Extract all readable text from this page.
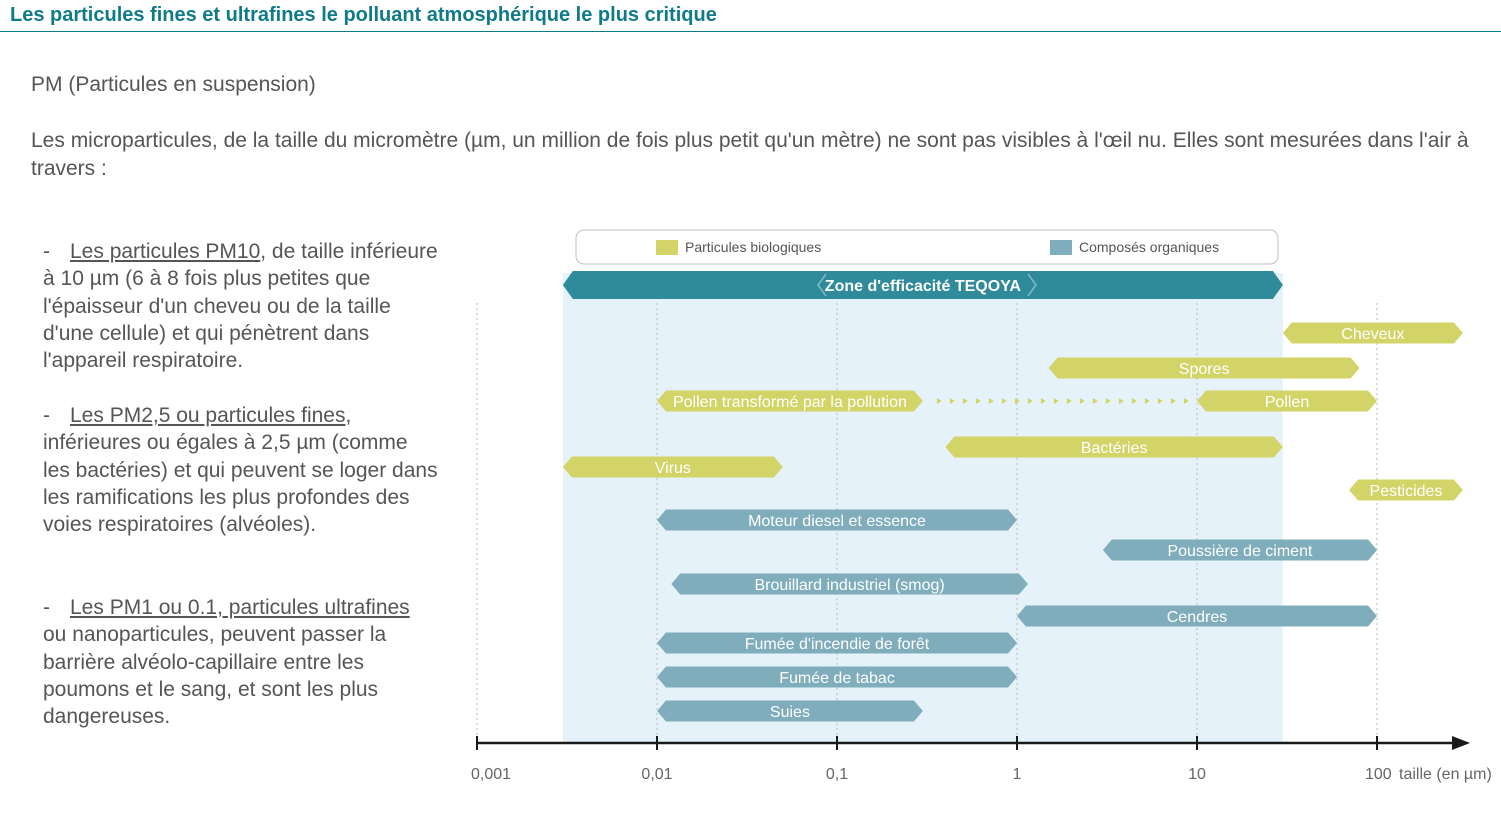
Les particules fines et ultrafines le polluant atmosphérique le plus critique
PM (Particules en suspension)
Les microparticules, de la taille du micromètre (µm, un million de fois plus petit qu'un mètre) ne sont pas visibles à l'œil nu. Elles sont mesurées dans l'air à travers :
- Les particules PM10, de taille inférieure à 10 µm (6 à 8 fois plus petites que l'épaisseur d'un cheveu ou de la taille d'une cellule) et qui pénètrent dans l'appareil respiratoire.
- Les PM2,5 ou particules fines, inférieures ou égales à 2,5 µm (comme les bactéries) et qui peuvent se loger dans les ramifications les plus profondes des voies respiratoires (alvéoles).
- Les PM1 ou 0.1, particules ultrafines ou nanoparticules, peuvent passer la barrière alvéolo-capillaire entre les poumons et le sang, et sont les plus dangereuses.
Particules biologiques	Composés organiques
Zone d'efficacité TEQOYA
Cheveux
Spores
Pollen transformé par la pollution	Pollen
Bactéries
Virus
Pesticides
Moteur diesel et essence
Poussière de ciment
Brouillard industriel (smog)
Cendres
Fumée d'incendie de forêt
Fumée de tabac
Suies
0,001	0,01	0,1	1	10	100 taille (en µm)
